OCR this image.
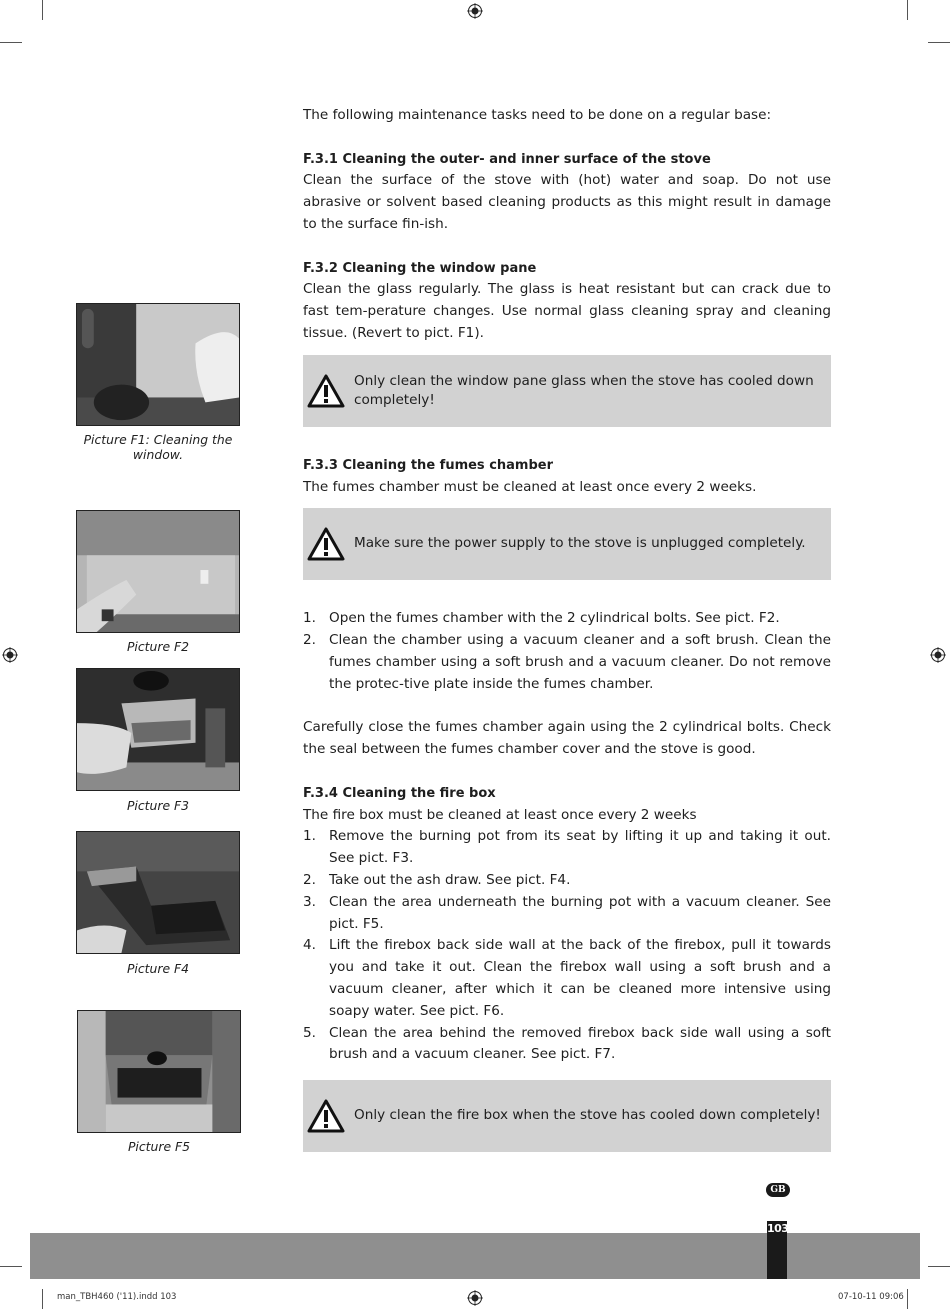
Picture F1: Cleaning the window.
Picture F2
Picture F3
Picture F4
Picture F5

The following maintenance tasks need to be done on a regular base:

F.3.1 Cleaning the outer- and inner surface of the stove

Clean the surface of the stove with (hot) water and soap. Do not use abrasive or solvent based cleaning products as this might result in damage to the surface fin-ish.

F.3.2 Cleaning the window pane

Clean the glass regularly. The glass is heat resistant but can crack due to fast tem-perature changes. Use normal glass cleaning spray and cleaning tissue. (Revert to pict. F1).

Only clean the window pane glass when the stove has cooled down completely!

F.3.3 Cleaning the fumes chamber

The fumes chamber must be cleaned at least once every 2 weeks.

Make sure the power supply to the stove is unplugged completely.
1. Open the fumes chamber with the 2 cylindrical bolts. See pict. F2.
2. Clean the chamber using a vacuum cleaner and a soft brush. Clean the fumes chamber using a soft brush and a vacuum cleaner. Do not remove the protec-tive plate inside the fumes chamber.

Carefully close the fumes chamber again using the 2 cylindrical bolts. Check the seal between the fumes chamber cover and the stove is good.

F.3.4 Cleaning the fire box

The fire box must be cleaned at least once every 2 weeks

1. Remove the burning pot from its seat by lifting it up and taking it out. See pict. F3.
2. Take out the ash draw. See pict. F4.
3. Clean the area underneath the burning pot with a vacuum cleaner. See pict. F5.
4. Lift the firebox back side wall at the back of the firebox, pull it towards you and take it out. Clean the firebox wall using a soft brush and a vacuum cleaner, after which it can be cleaned more intensive using soapy water. See pict. F6.
5. Clean the area behind the removed firebox back side wall using a soft brush and a vacuum cleaner. See pict. F7.
Only clean the fire box when the stove has cooled down completely!
GB
103
man_TBH460 ('11).indd 103	07-10-11 09:06
